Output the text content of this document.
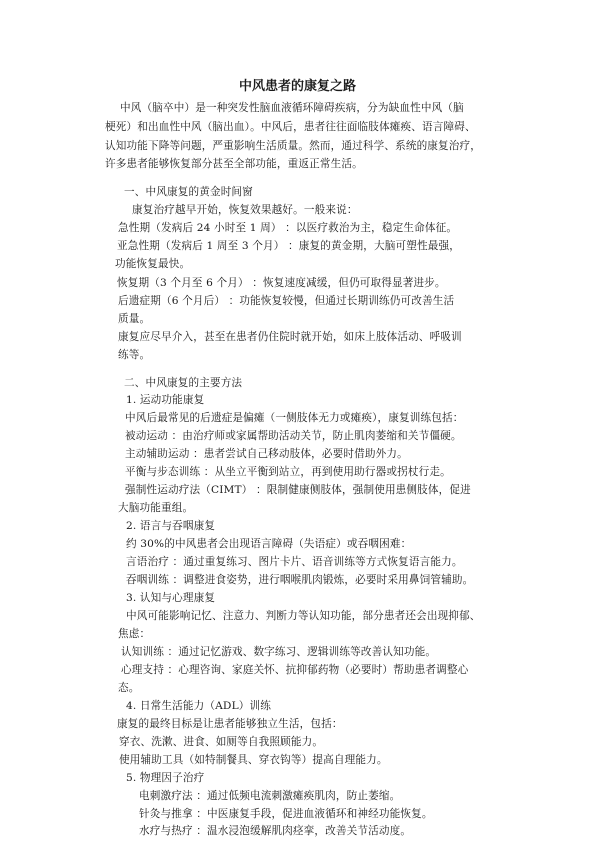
中风患者的康复之路
中风（脑卒中）是一种突发性脑血液循环障碍疾病，分为缺血性中风（脑
梗死）和出血性中风（脑出血）。中风后，患者往往面临肢体瘫痪、语言障碍、
认知功能下降等问题，严重影响生活质量。然而，通过科学、系统的康复治疗，
许多患者能够恢复部分甚至全部功能，重返正常生活。
一、中风康复的黄金时间窗
康复治疗越早开始，恢复效果越好。一般来说：
急性期（发病后 24 小时至 1 周） ：以医疗救治为主，稳定生命体征。
亚急性期（发病后 1 周至 3 个月） ：康复的黄金期，大脑可塑性最强，
功能恢复最快。
恢复期（3 个月至 6 个月） ：恢复速度减缓，但仍可取得显著进步。
后遗症期（6 个月后） ：功能恢复较慢，但通过长期训练仍可改善生活
质量。
康复应尽早介入，甚至在患者仍住院时就开始，如床上肢体活动、呼吸训
练等。
二、中风康复的主要方法
1. 运动功能康复
中风后最常见的后遗症是偏瘫（一侧肢体无力或瘫痪），康复训练包括：
被动运动 ：由治疗师或家属帮助活动关节，防止肌肉萎缩和关节僵硬。
主动辅助运动 ：患者尝试自己移动肢体，必要时借助外力。
平衡与步态训练 ：从坐立平衡到站立，再到使用助行器或拐杖行走。
强制性运动疗法（CIMT） ：限制健康侧肢体，强制使用患侧肢体，促进
大脑功能重组。
2. 语言与吞咽康复
约 30%的中风患者会出现语言障碍（失语症）或吞咽困难：
言语治疗 ：通过重复练习、图片卡片、语音训练等方式恢复语言能力。
吞咽训练 ：调整进食姿势，进行咽喉肌肉锻炼，必要时采用鼻饲管辅助。
3. 认知与心理康复
中风可能影响记忆、注意力、判断力等认知功能，部分患者还会出现抑郁、
焦虑：
认知训练 ：通过记忆游戏、数字练习、逻辑训练等改善认知功能。
心理支持 ：心理咨询、家庭关怀、抗抑郁药物（必要时）帮助患者调整心
态。
4. 日常生活能力（ADL）训练
康复的最终目标是让患者能够独立生活，包括：
穿衣、洗漱、进食、如厕等自我照顾能力。
使用辅助工具（如特制餐具、穿衣钩等）提高自理能力。
5. 物理因子治疗
电刺激疗法 ：通过低频电流刺激瘫痪肌肉，防止萎缩。
针灸与推拿 ：中医康复手段，促进血液循环和神经功能恢复。
水疗与热疗 ：温水浸泡缓解肌肉痉挛，改善关节活动度。
